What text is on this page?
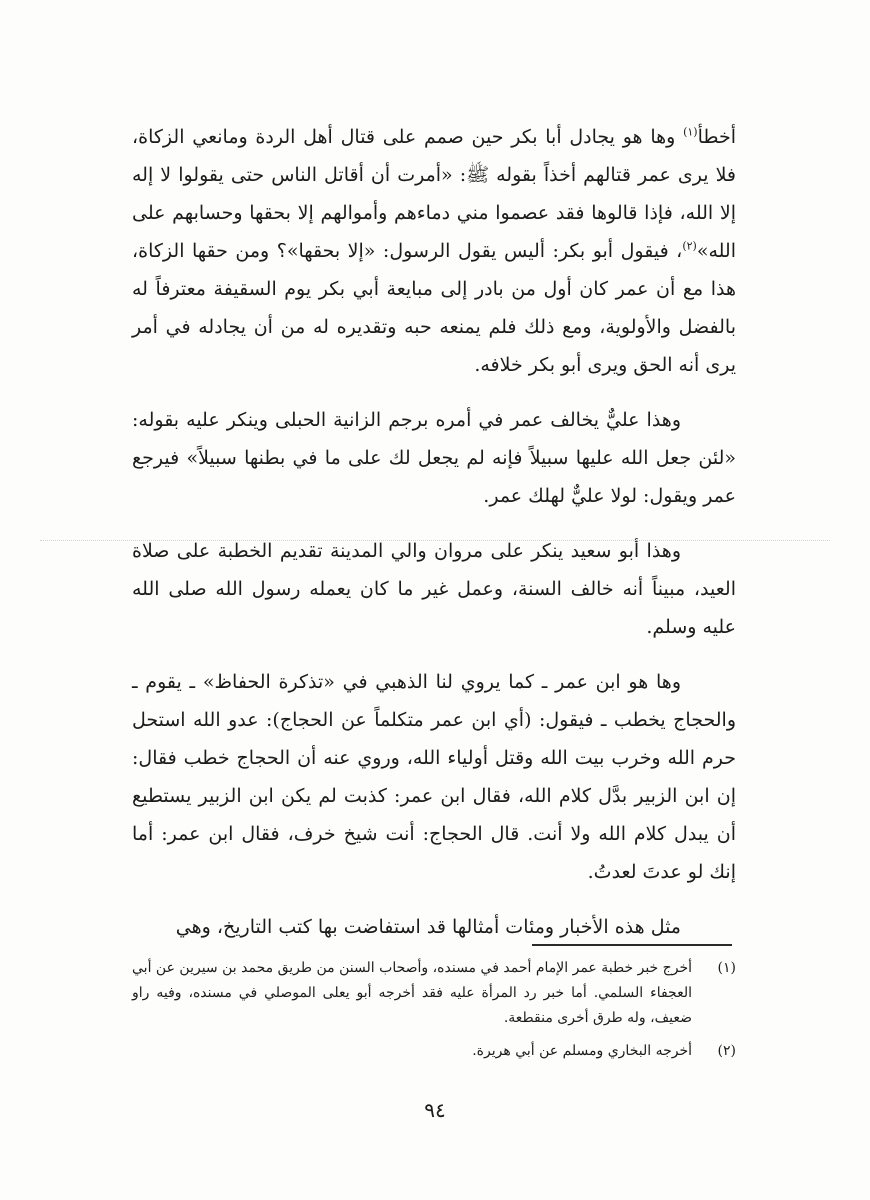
أخطأ$^{(١)}$ وها هو يجادل أبا بكر حين صمم على قتال أهل الردة ومانعي الزكاة، فلا يرى عمر قتالهم أخذاً بقوله ﷺ: «أمرت أن أقاتل الناس حتى يقولوا لا إله إلا الله، فإذا قالوها فقد عصموا مني دماءهم وأموالهم إلا بحقها وحسابهم على الله»$^{(٢)}$، فيقول أبو بكر: أليس يقول الرسول: «إلا بحقها»؟ ومن حقها الزكاة، هذا مع أن عمر كان أول من بادر إلى مبايعة أبي بكر يوم السقيفة معترفاً له بالفضل والأولوية، ومع ذلك فلم يمنعه حبه وتقديره له من أن يجادله في أمر يرى أنه الحق ويرى أبو بكر خلافه.

وهذا عليٌّ يخالف عمر في أمره برجم الزانية الحبلى وينكر عليه بقوله: «لئن جعل الله عليها سبيلاً فإنه لم يجعل لك على ما في بطنها سبيلاً» فيرجع عمر ويقول: لولا عليٌّ لهلك عمر.

وهذا أبو سعيد ينكر على مروان والي المدينة تقديم الخطبة على صلاة العيد، مبيناً أنه خالف السنة، وعمل غير ما كان يعمله رسول الله صلى الله عليه وسلم.

وها هو ابن عمر ـ كما يروي لنا الذهبي في «تذكرة الحفاظ» ـ يقوم ـ والحجاج يخطب ـ فيقول: (أي ابن عمر متكلماً عن الحجاج): عدو الله استحل حرم الله وخرب بيت الله وقتل أولياء الله، وروي عنه أن الحجاج خطب فقال: إن ابن الزبير بدَّل كلام الله، فقال ابن عمر: كذبت لم يكن ابن الزبير يستطيع أن يبدل كلام الله ولا أنت. قال الحجاج: أنت شيخ خرف، فقال ابن عمر: أما إنك لو عدتَ لعدتُ.

مثل هذه الأخبار ومئات أمثالها قد استفاضت بها كتب التاريخ، وهي

(١)
أخرج خبر خطبة عمر الإمام أحمد في مسنده، وأصحاب السنن من طريق محمد بن سيرين عن أبي العجفاء السلمي. أما خبر رد المرأة عليه فقد أخرجه أبو يعلى الموصلي في مسنده، وفيه راو ضعيف، وله طرق أخرى منقطعة.
(٢)
أخرجه البخاري ومسلم عن أبي هريرة.
٩٤
